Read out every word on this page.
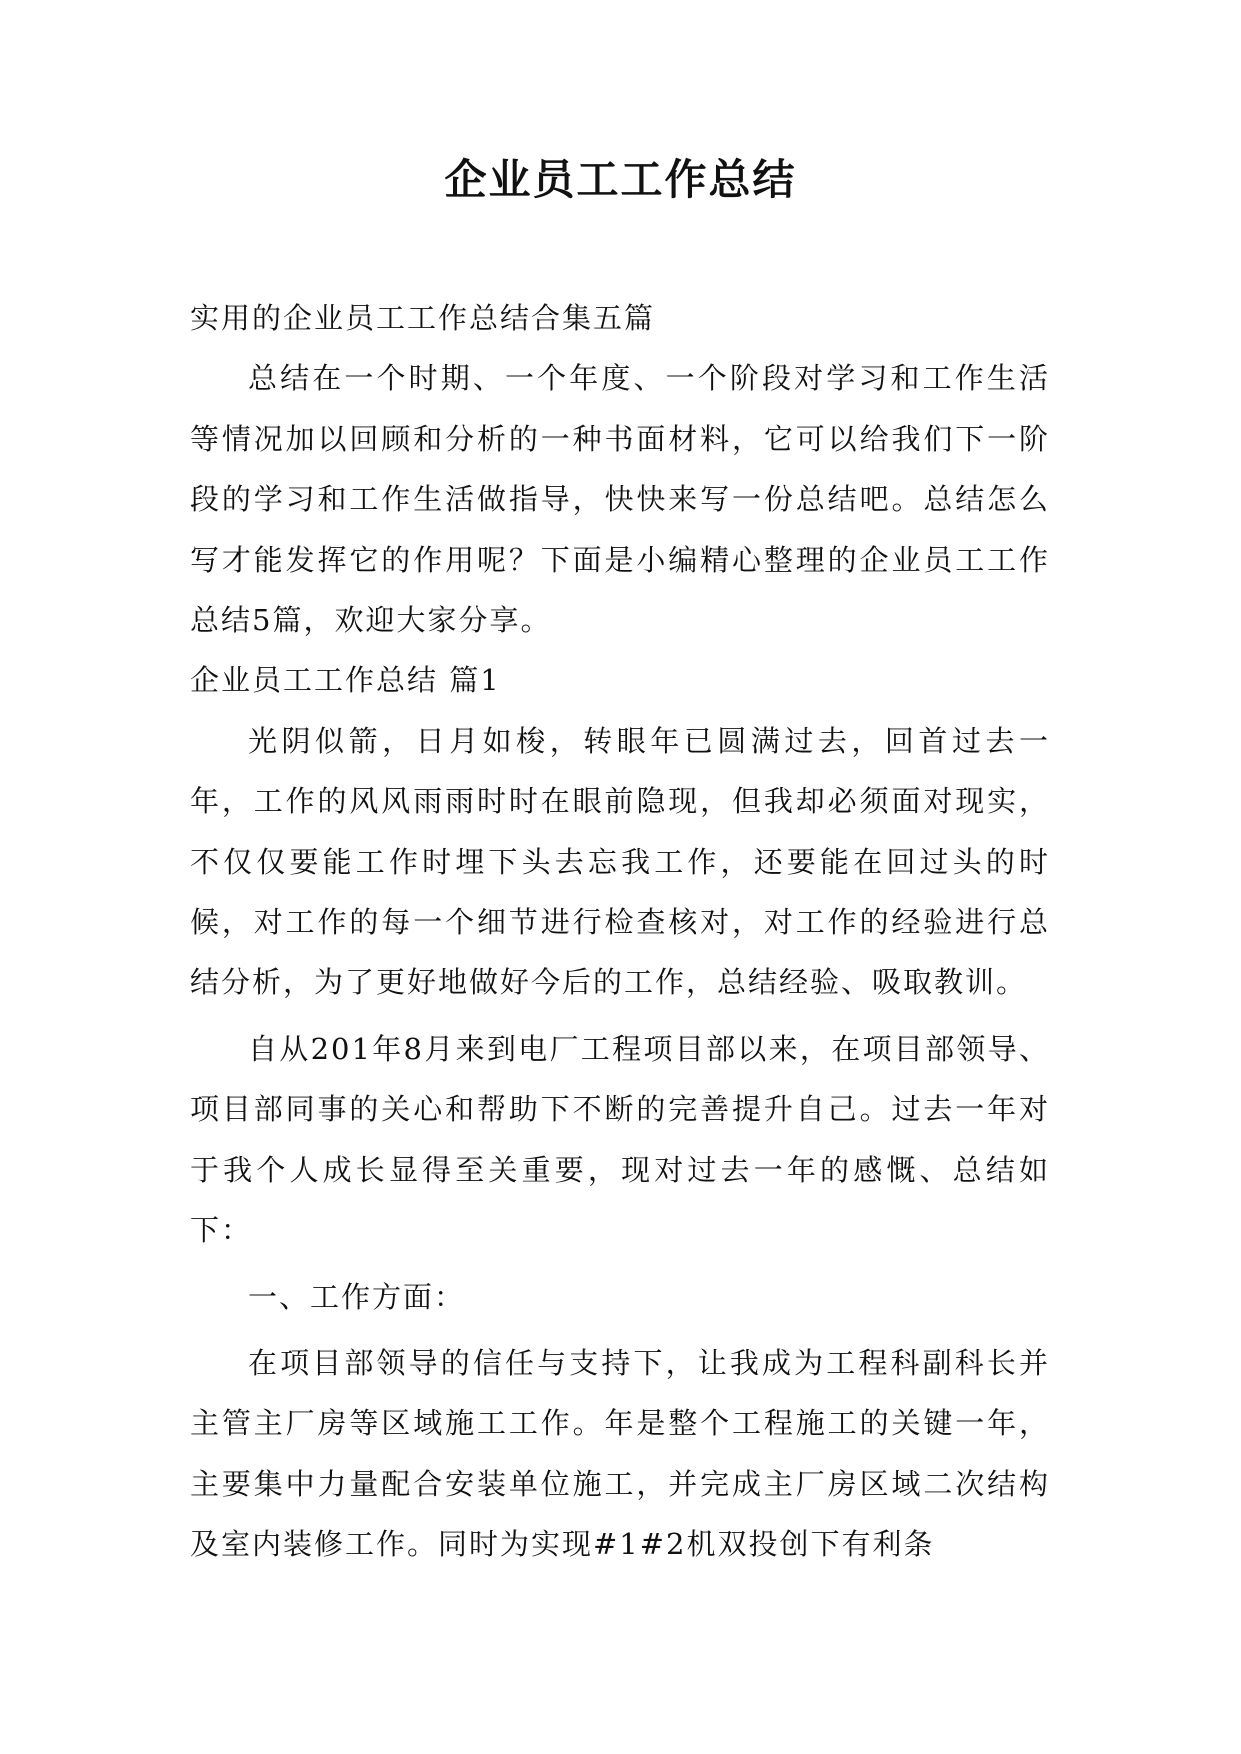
企业员工工作总结

实用的企业员工工作总结合集五篇

总结在一个时期、一个年度、一个阶段对学习和工作生活等情况加以回顾和分析的一种书面材料，它可以给我们下一阶段的学习和工作生活做指导，快快来写一份总结吧。总结怎么写才能发挥它的作用呢？下面是小编精心整理的企业员工工作总结5篇，欢迎大家分享。

企业员工工作总结 篇1

光阴似箭，日月如梭，转眼年已圆满过去，回首过去一年，工作的风风雨雨时时在眼前隐现，但我却必须面对现实，不仅仅要能工作时埋下头去忘我工作，还要能在回过头的时候，对工作的每一个细节进行检查核对，对工作的经验进行总结分析，为了更好地做好今后的工作，总结经验、吸取教训。

自从201年8月来到电厂工程项目部以来，在项目部领导、项目部同事的关心和帮助下不断的完善提升自己。过去一年对于我个人成长显得至关重要，现对过去一年的感慨、总结如下：

一、工作方面：

在项目部领导的信任与支持下，让我成为工程科副科长并主管主厂房等区域施工工作。年是整个工程施工的关键一年，主要集中力量配合安装单位施工，并完成主厂房区域二次结构及室内装修工作。同时为实现#1#2机双投创下有利条
